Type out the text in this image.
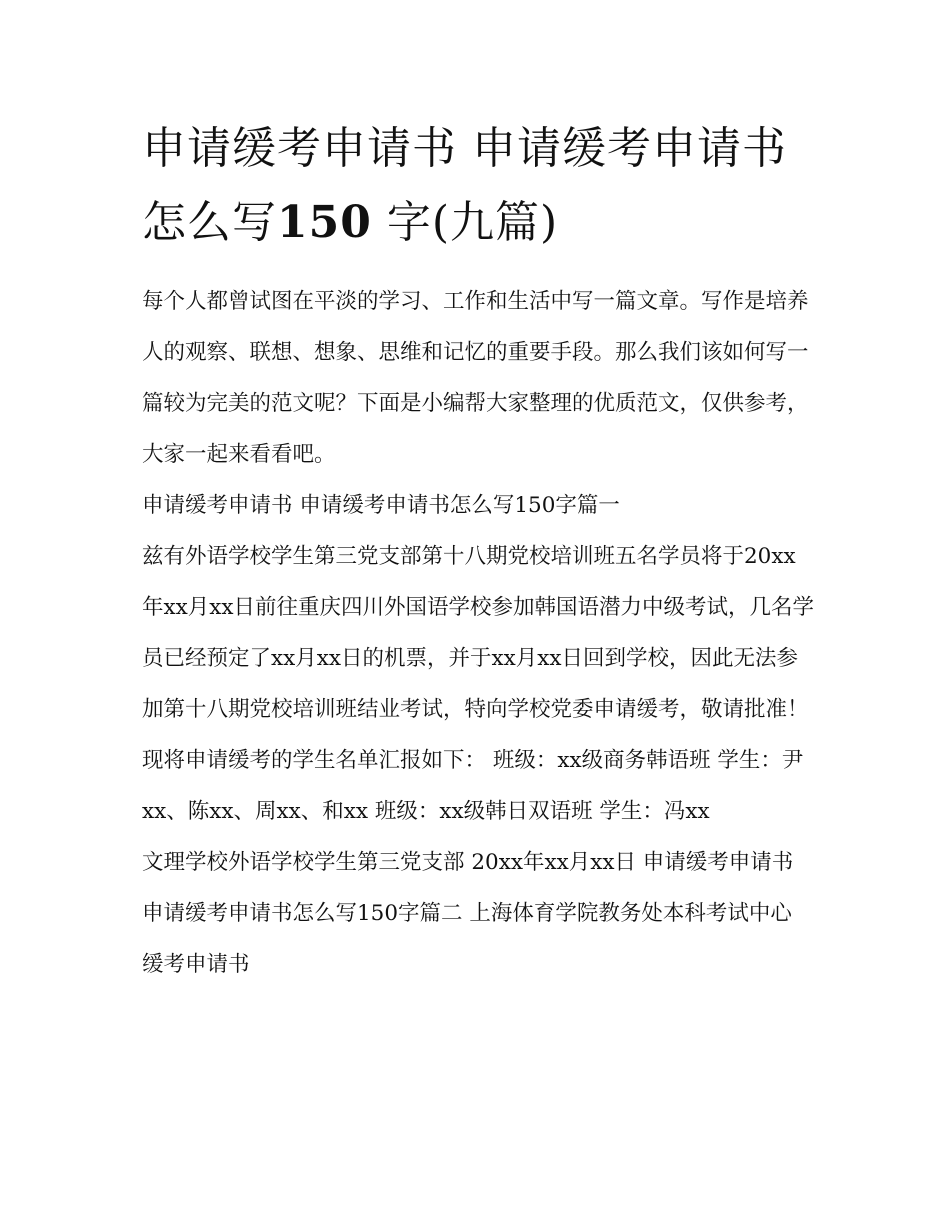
申请缓考申请书 申请缓考申请书怎么写150 字(九篇)

每个人都曾试图在平淡的学习、工作和生活中写一篇文章。写作是培养人的观察、联想、想象、思维和记忆的重要手段。那么我们该如何写一篇较为完美的范文呢？下面是小编帮大家整理的优质范文，仅供参考，大家一起来看看吧。

申请缓考申请书 申请缓考申请书怎么写150字篇一

兹有外语学校学生第三党支部第十八期党校培训班五名学员将于20xx年xx月xx日前往重庆四川外国语学校参加韩国语潜力中级考试，几名学员已经预定了xx月xx日的机票，并于xx月xx日回到学校，因此无法参加第十八期党校培训班结业考试，特向学校党委申请缓考，敬请批准！

现将申请缓考的学生名单汇报如下： 班级：xx级商务韩语班 学生：尹xx、陈xx、周xx、和xx 班级：xx级韩日双语班 学生：冯xx

文理学校外语学校学生第三党支部 20xx年xx月xx日 申请缓考申请书 申请缓考申请书怎么写150字篇二 上海体育学院教务处本科考试中心 缓考申请书
